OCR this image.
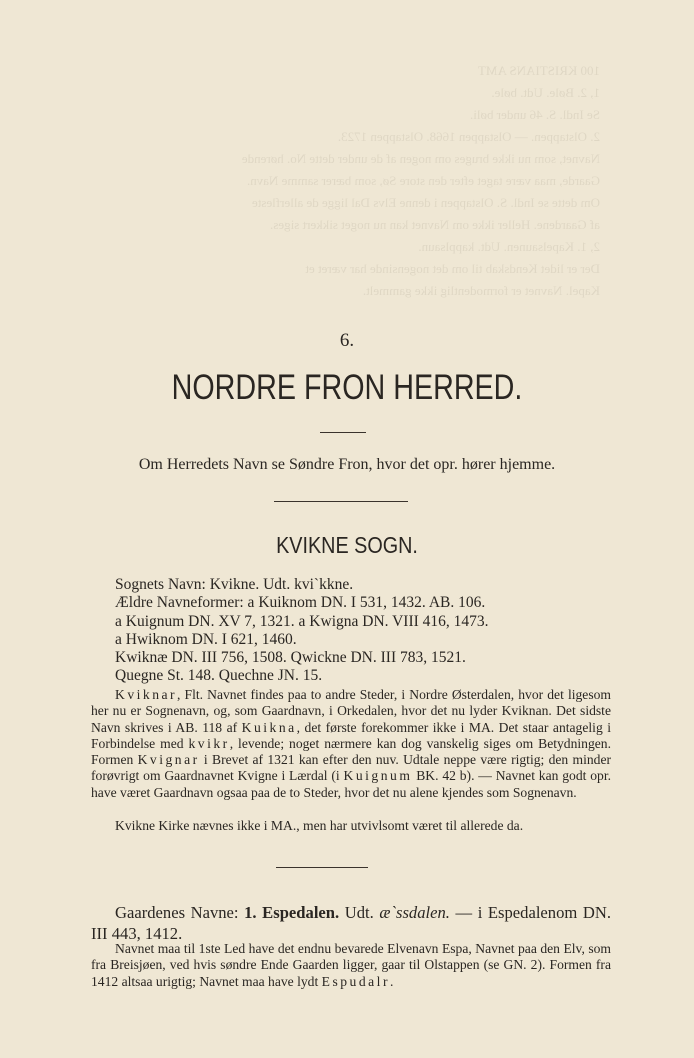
100 KRISTIANS AMT
1, 2. Bøle. Udt. bøle.
Se Indl. S. 46 under bøli.
2. Olstappen. — Olstappen 1668. Olstappen 1723.
Navnet, som nu ikke bruges om nogen af de under dette No. hørende
Gaarde, maa være taget efter den store Sø, som bærer samme Navn.
Om dette se Indl. S. Olstappen i denne Elvs Dal ligge de allerfleste
af Gaardene. Heller ikke om Navnet kan nu noget sikkert siges.
2, 1. Kapelsaunen. Udt. kapplsaun.
Der er lidet Kendskab til om det nogensinde har været et
Kapel. Navnet er formodentlig ikke gammelt.
6.
NORDRE FRON HERRED.
Om Herredets Navn se Søndre Fron, hvor det opr. hører hjemme.
KVIKNE SOGN.
Sognets Navn: Kvikne. Udt. kvi`kkne.
Ældre Navneformer: a Kuiknom DN. I 531, 1432. AB. 106.
a Kuignum DN. XV 7, 1321. a Kwigna DN. VIII 416, 1473.
a Hwiknom DN. I 621, 1460.
Kwiknæ DN. III 756, 1508. Qwickne DN. III 783, 1521.
Quegne St. 148. Quechne JN. 15.
Kviknar, Flt. Navnet findes paa to andre Steder, i Nordre Østerdalen, hvor det ligesom her nu er Sognenavn, og, som Gaardnavn, i Orkedalen, hvor det nu lyder Kviknan. Det sidste Navn skrives i AB. 118 af Kuikna, det første forekommer ikke i MA. Det staar antagelig i Forbindelse med kvikr, levende; noget nærmere kan dog vanskelig siges om Betydningen. Formen Kvignar i Brevet af 1321 kan efter den nuv. Udtale neppe være rigtig; den minder forøvrigt om Gaardnavnet Kvigne i Lærdal (i Kuignum BK. 42 b). — Navnet kan godt opr. have været Gaardnavn ogsaa paa de to Steder, hvor det nu alene kjendes som Sognenavn.
Kvikne Kirke nævnes ikke i MA., men har utvivlsomt været til allerede da.
Gaardenes Navne: 1. Espedalen. Udt. æ`ssdalen. — i Espedalenom DN. III 443, 1412.
Navnet maa til 1ste Led have det endnu bevarede Elvenavn Espa, Navnet paa den Elv, som fra Breisjøen, ved hvis søndre Ende Gaarden ligger, gaar til Olstappen (se GN. 2). Formen fra 1412 altsaa urigtig; Navnet maa have lydt Espudalr.
